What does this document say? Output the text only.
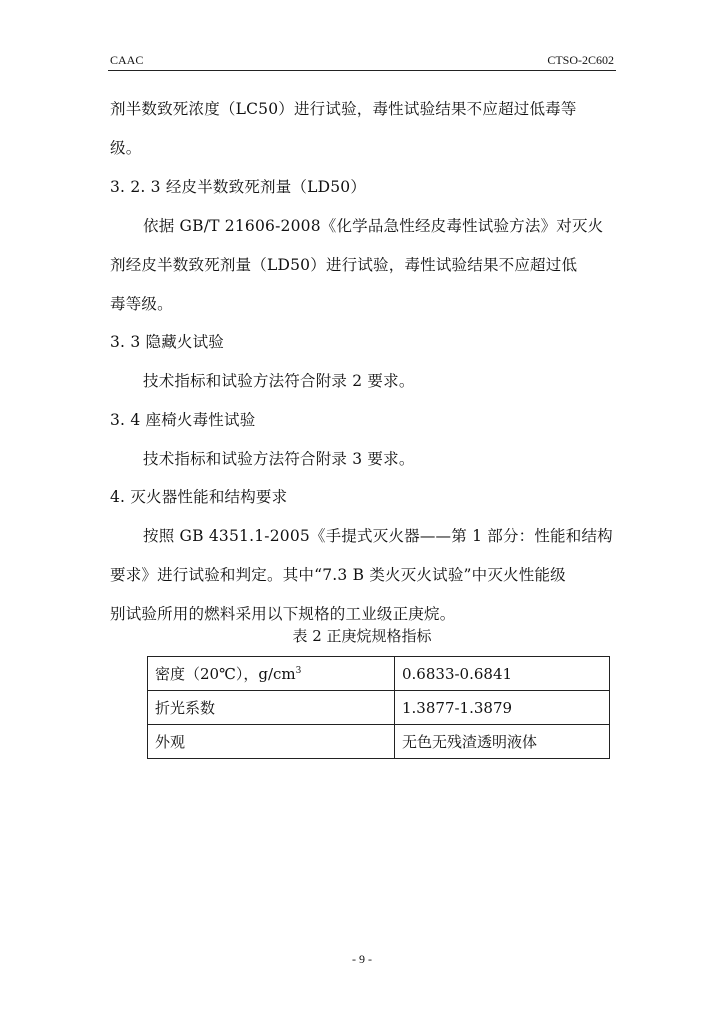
CAAC	CTSO-2C602
剂半数致死浓度（LC50）进行试验，毒性试验结果不应超过低毒等
级。
3. 2. 3 经皮半数致死剂量（LD50）
依据 GB/T 21606-2008《化学品急性经皮毒性试验方法》对灭火
剂经皮半数致死剂量（LD50）进行试验，毒性试验结果不应超过低
毒等级。
3. 3 隐藏火试验
技术指标和试验方法符合附录 2 要求。
3. 4 座椅火毒性试验
技术指标和试验方法符合附录 3 要求。
4. 灭火器性能和结构要求
按照 GB 4351.1-2005《手提式灭火器——第 1 部分：性能和结构
要求》进行试验和判定。其中“7.3 B 类火灭火试验”中灭火性能级
别试验所用的燃料采用以下规格的工业级正庚烷。
表 2 正庚烷规格指标
密度（20℃），$g/cm^3$	0.6833-0.6841
折光系数	1.3877-1.3879
外观	无色无残渣透明液体
- 9 -
